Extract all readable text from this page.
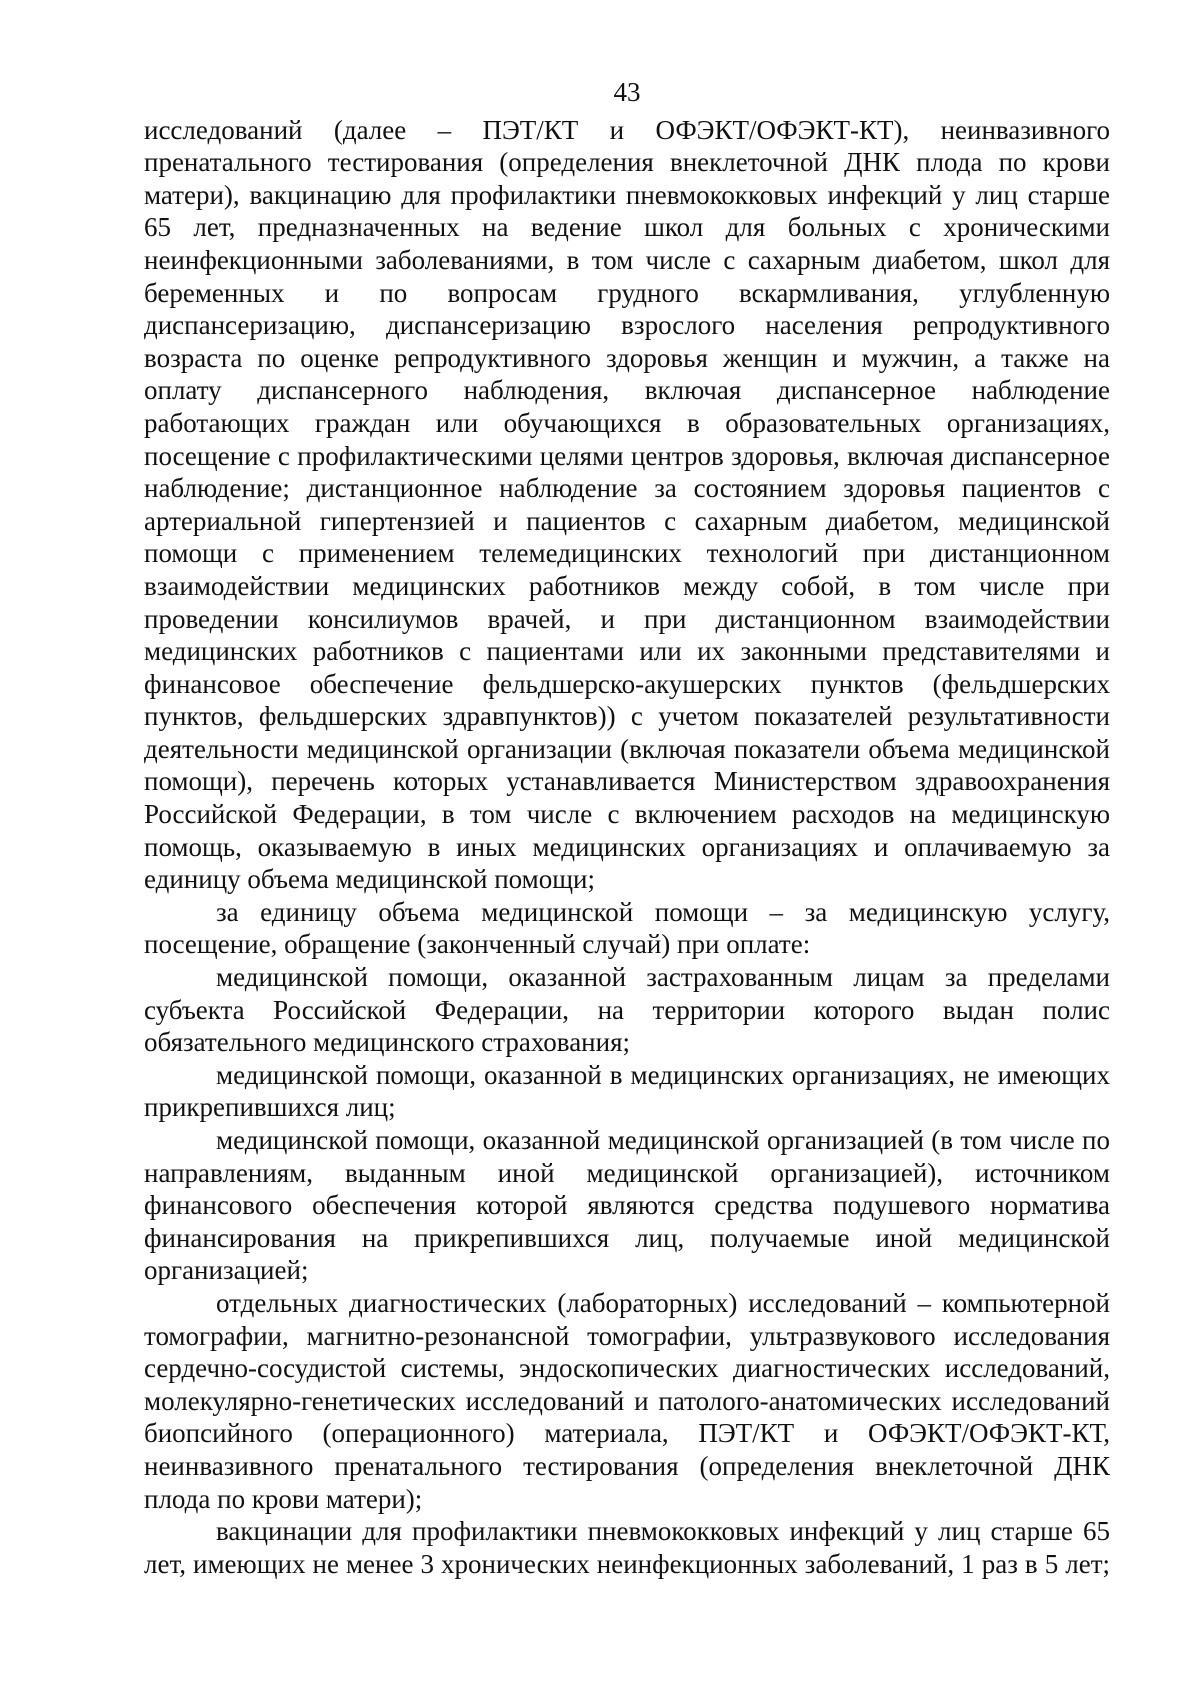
43

исследований (далее – ПЭТ/КТ и ОФЭКТ/ОФЭКТ-КТ), неинвазивного пренатального тестирования (определения внеклеточной ДНК плода по крови матери), вакцинацию для профилактики пневмококковых инфекций у лиц старше 65 лет, предназначенных на ведение школ для больных с хроническими неинфекционными заболеваниями, в том числе с сахарным диабетом, школ для беременных и по вопросам грудного вскармливания, углубленную диспансеризацию, диспансеризацию взрослого населения репродуктивного возраста по оценке репродуктивного здоровья женщин и мужчин, а также на оплату диспансерного наблюдения, включая диспансерное наблюдение работающих граждан или обучающихся в образовательных организациях, посещение с профилактическими целями центров здоровья, включая диспансерное наблюдение; дистанционное наблюдение за состоянием здоровья пациентов с артериальной гипертензией и пациентов с сахарным диабетом, медицинской помощи с применением телемедицинских технологий при дистанционном взаимодействии медицинских работников между собой, в том числе при проведении консилиумов врачей, и при дистанционном взаимодействии медицинских работников с пациентами или их законными представителями и финансовое обеспечение фельдшерско-акушерских пунктов (фельдшерских пунктов, фельдшерских здравпунктов)) с учетом показателей результативности деятельности медицинской организации (включая показатели объема медицинской помощи), перечень которых устанавливается Министерством здравоохранения Российской Федерации, в том числе с включением расходов на медицинскую помощь, оказываемую в иных медицинских организациях и оплачиваемую за единицу объема медицинской помощи;

за единицу объема медицинской помощи – за медицинскую услугу, посещение, обращение (законченный случай) при оплате:

медицинской помощи, оказанной застрахованным лицам за пределами субъекта Российской Федерации, на территории которого выдан полис обязательного медицинского страхования;

медицинской помощи, оказанной в медицинских организациях, не имеющих прикрепившихся лиц;

медицинской помощи, оказанной медицинской организацией (в том числе по направлениям, выданным иной медицинской организацией), источником финансового обеспечения которой являются средства подушевого норматива финансирования на прикрепившихся лиц, получаемые иной медицинской организацией;

отдельных диагностических (лабораторных) исследований – компьютерной томографии, магнитно-резонансной томографии, ультразвукового исследования сердечно-сосудистой системы, эндоскопических диагностических исследований, молекулярно-генетических исследований и патолого-анатомических исследований биопсийного (операционного) материала, ПЭТ/КТ и ОФЭКТ/ОФЭКТ-КТ, неинвазивного пренатального тестирования (определения внеклеточной ДНК плода по крови матери);

вакцинации для профилактики пневмококковых инфекций у лиц старше 65 лет, имеющих не менее 3 хронических неинфекционных заболеваний, 1 раз в 5 лет;
